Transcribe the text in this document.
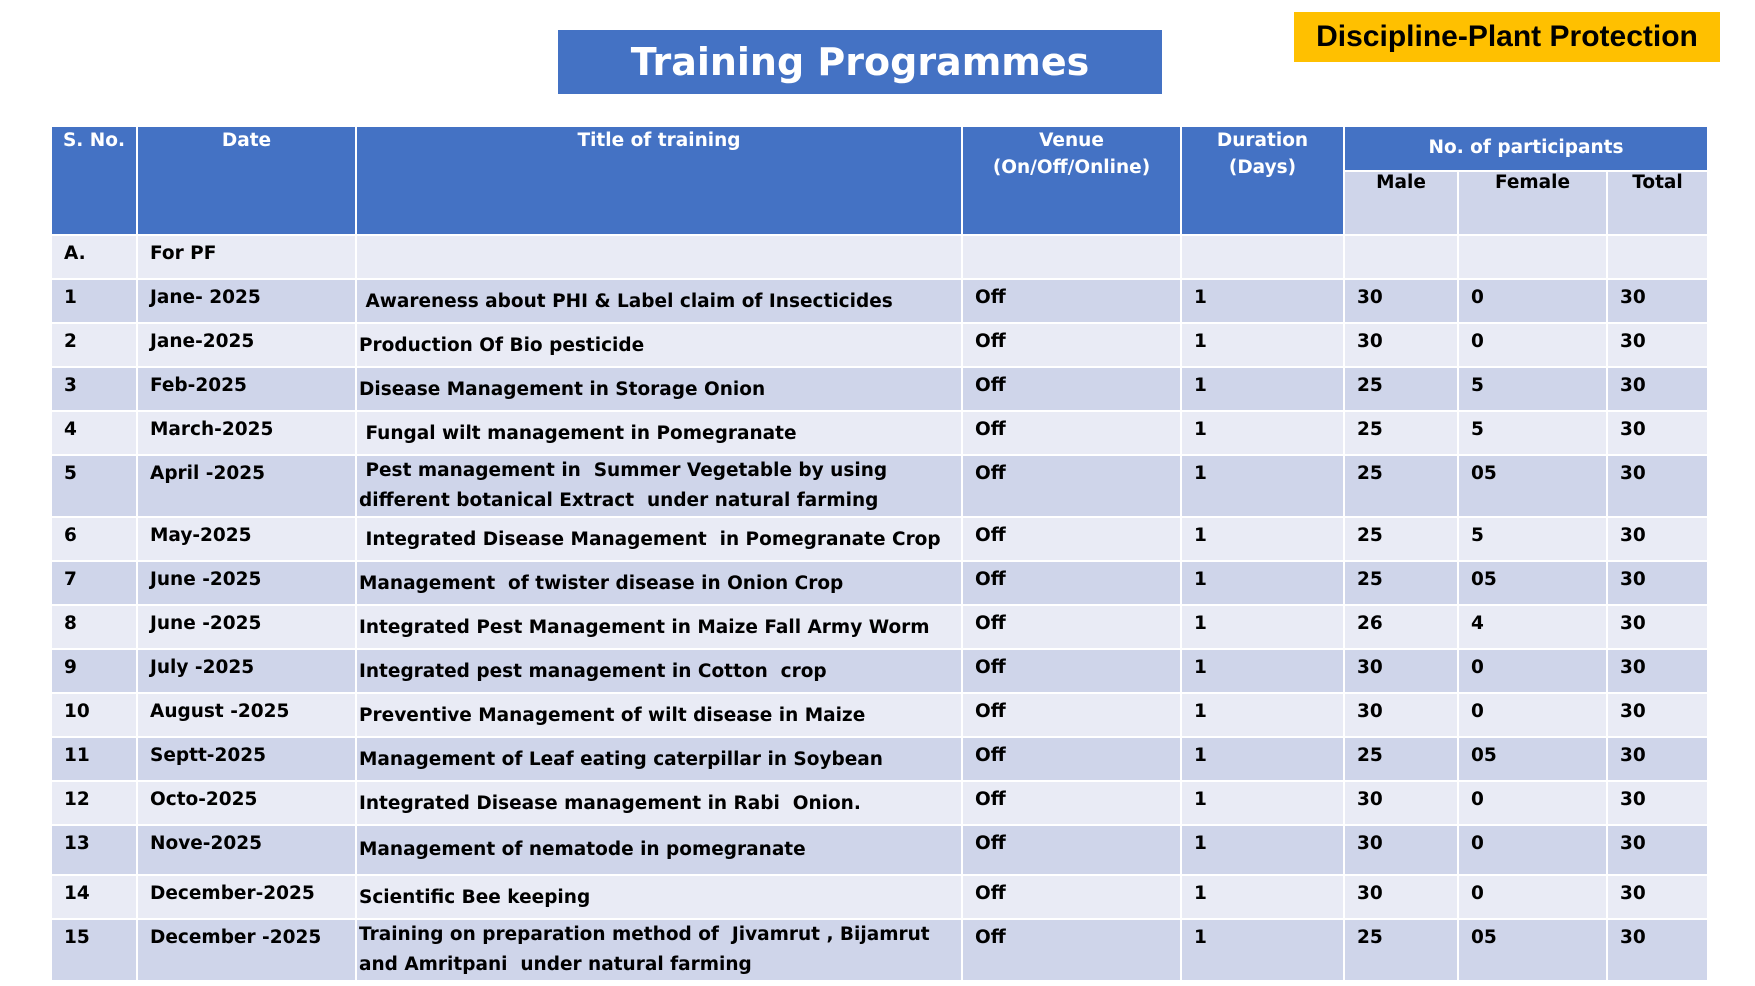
Training Programmes
Discipline-Plant Protection
S. No.	Date	Title of training	Venue (On/Off/Online)	Duration (Days)	No. of participants		
					Male	Female	Total

A.	For PF						

1	Jane- 2025	Awareness about PHI & Label claim of Insecticides	Off	1	30	0	30

2	Jane-2025	Production Of Bio pesticide	Off	1	30	0	30

3	Feb-2025	Disease Management in Storage Onion	Off	1	25	5	30

4	March-2025	Fungal wilt management in Pomegranate	Off	1	25	5	30

5	April -2025	Pest management in  Summer Vegetable by using different botanical Extract  under natural farming	Off	1	25	05	30

6	May-2025	Integrated Disease Management  in Pomegranate Crop	Off	1	25	5	30

7	June -2025	Management  of twister disease in Onion Crop	Off	1	25	05	30

8	June -2025	Integrated Pest Management in Maize Fall Army Worm	Off	1	26	4	30

9	July -2025	Integrated pest management in Cotton  crop	Off	1	30	0	30

10	August -2025	Preventive Management of wilt disease in Maize	Off	1	30	0	30

11	Septt-2025	Management of Leaf eating caterpillar in Soybean	Off	1	25	05	30

12	Octo-2025	Integrated Disease management in Rabi  Onion.	Off	1	30	0	30

13	Nove-2025	Management of nematode in pomegranate	Off	1	30	0	30

14	December-2025	Scientific Bee keeping	Off	1	30	0	30

15	December -2025	Training on preparation method of  Jivamrut , Bijamrut  and Amritpani  under natural farming	Off	1	25	05	30
